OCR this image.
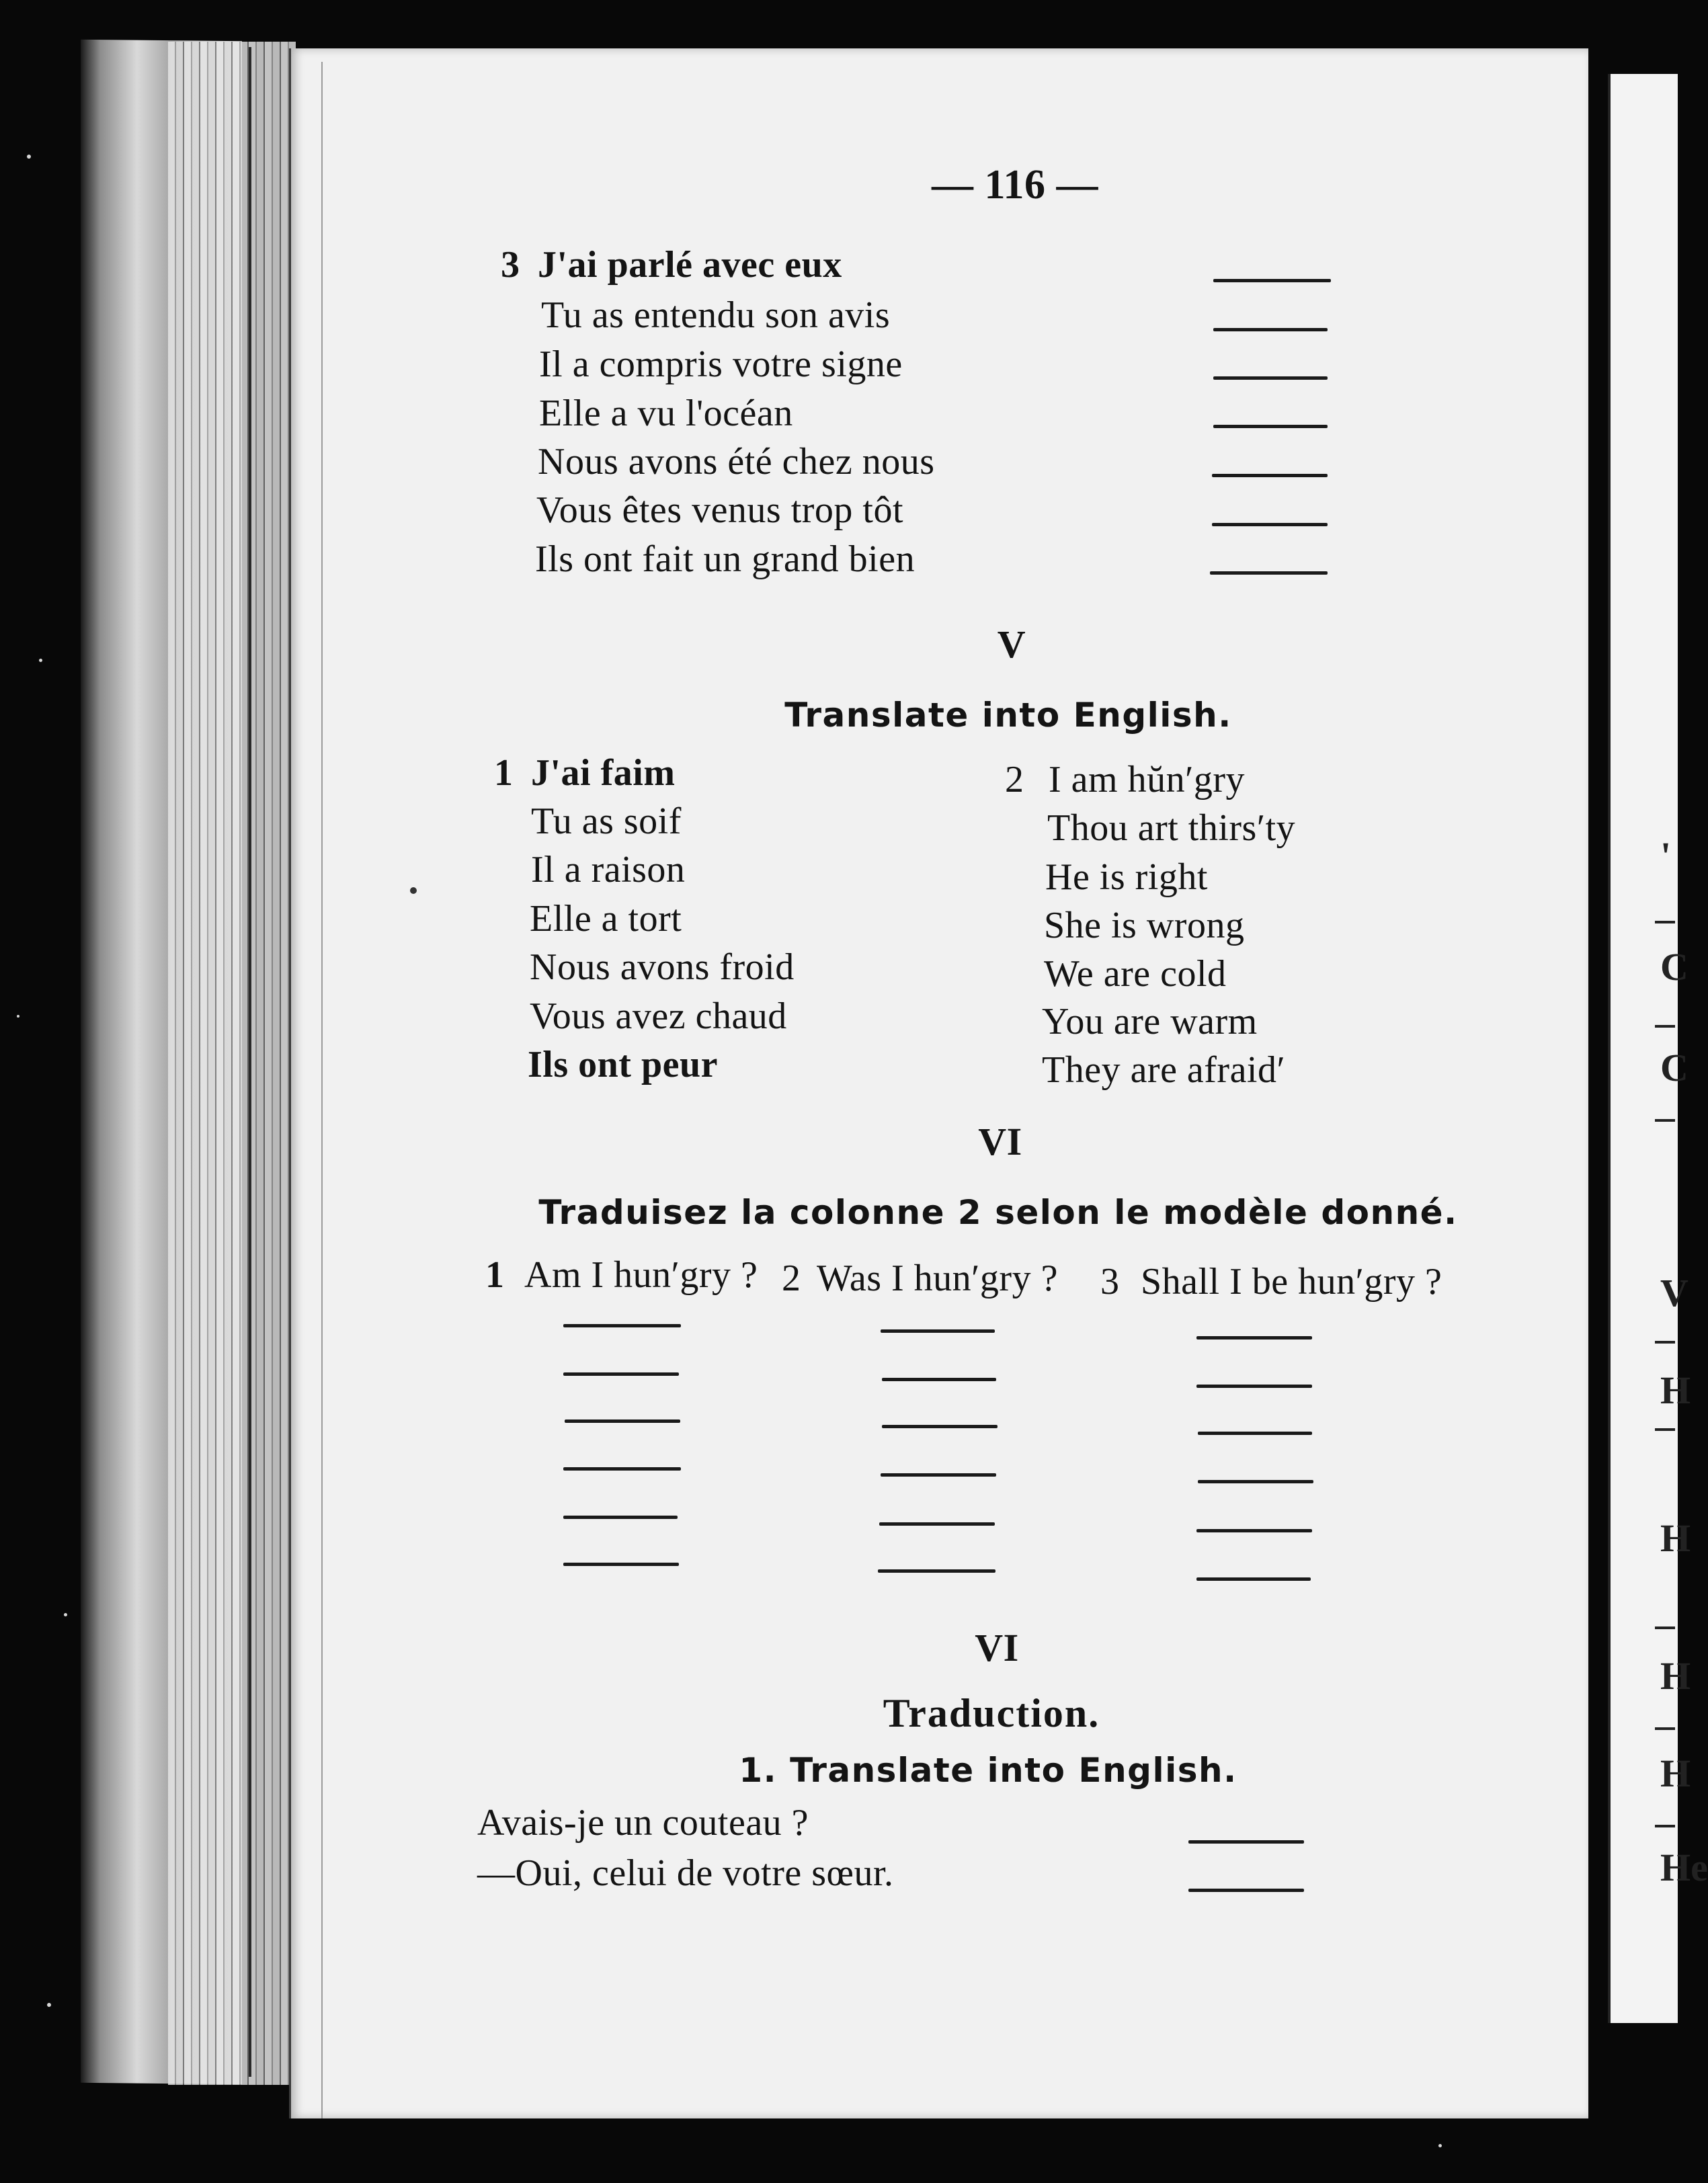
'
C
C
V
H
H
H
H
He
— 116 —
3 J'ai parlé avec eux
Tu as entendu son avis
Il a compris votre signe
Elle a vu l'océan
Nous avons été chez nous
Vous êtes venus trop tôt
Ils ont fait un grand bien
V
Translate into English.
1 J'ai faim
Tu as soif
Il a raison
Elle a tort
Nous avons froid
Vous avez chaud
Ils ont peur
2 I am hŭn′gry
Thou art thirs′ty
He is right
She is wrong
We are cold
You are warm
They are afraid′
VI
Traduisez la colonne 2 selon le modèle donné.
1 Am I hun′gry ? 2 Was I hun′gry ? 3 Shall I be hun′gry ?
VI
Traduction.
1. Translate into English.
Avais-je un couteau ?
—Oui, celui de votre sœur.
